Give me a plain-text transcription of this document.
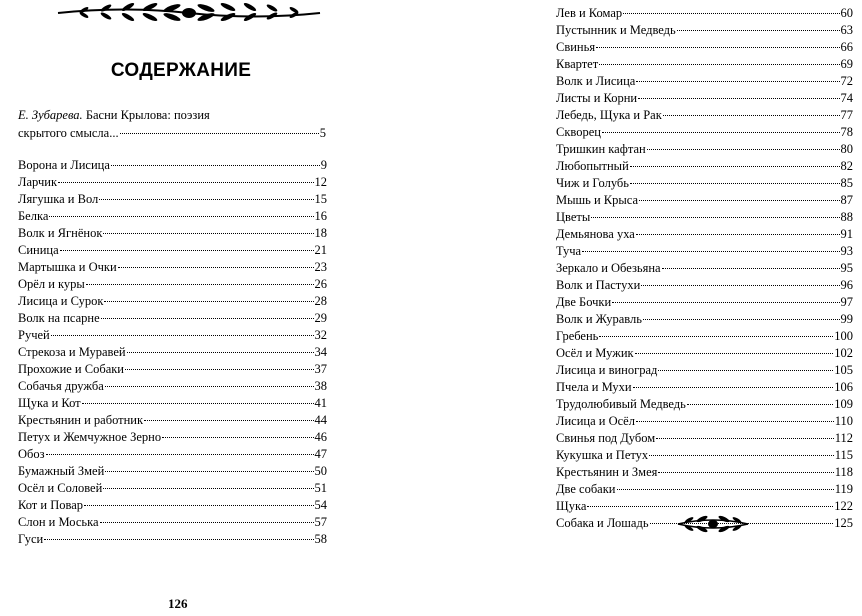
СОДЕРЖАНИЕ
Е. Зубарева. Басни Крылова: поэзия
скрытого смысла...	5
Ворона и Лисица	9
Ларчик	12
Лягушка и Вол	15
Белка	16
Волк и Ягнёнок	18
Синица	21
Мартышка и Очки	23
Орёл и куры	26
Лисица и Сурок	28
Волк на псарне	29
Ручей	32
Стрекоза и Муравей	34
Прохожие и Собаки	37
Собачья дружба	38
Щука и Кот	41
Крестьянин и работник	44
Петух и Жемчужное Зерно	46
Обоз	47
Бумажный Змей	50
Осёл и Соловей	51
Кот и Повар	54
Слон и Моська	57
Гуси	58
126
Лев и Комар	60
Пустынник и Медведь	63
Свинья	66
Квартет	69
Волк и Лисица	72
Листы и Корни	74
Лебедь, Щука и Рак	77
Скворец	78
Тришкин кафтан	80
Любопытный	82
Чиж и Голубь	85
Мышь и Крыса	87
Цветы	88
Демьянова уха	91
Туча	93
Зеркало и Обезьяна	95
Волк и Пастухи	96
Две Бочки	97
Волк и Журавль	99
Гребень	100
Осёл и Мужик	102
Лисица и виноград	105
Пчела и Мухи	106
Трудолюбивый Медведь	109
Лисица и Осёл	110
Свинья под Дубом	112
Кукушка и Петух	115
Крестьянин и Змея	118
Две собаки	119
Щука	122
Собака и Лошадь	125
